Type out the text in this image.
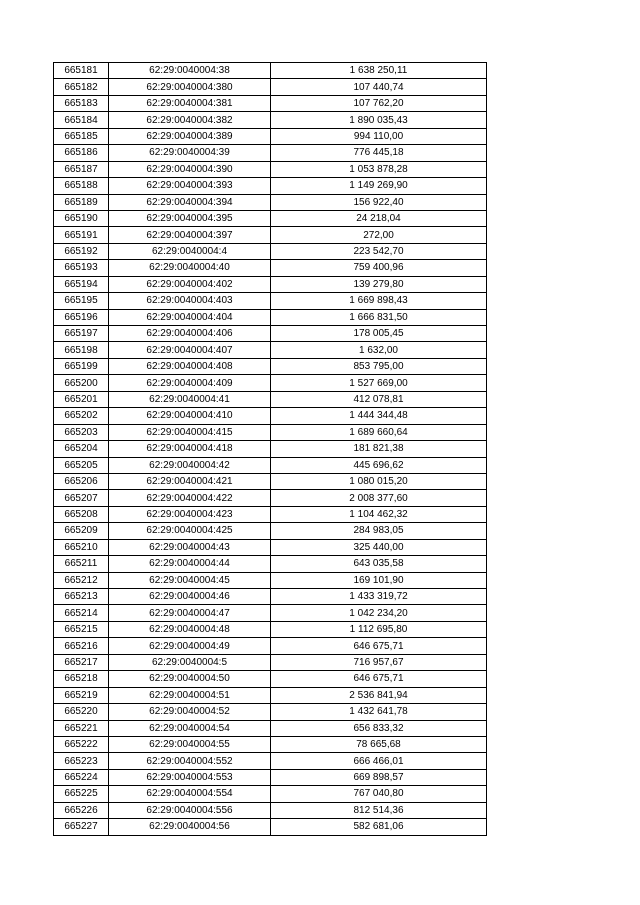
665181	62:29:0040004:38	1 638 250,11
665182	62:29:0040004:380	107 440,74
665183	62:29:0040004:381	107 762,20
665184	62:29:0040004:382	1 890 035,43
665185	62:29:0040004:389	994 110,00
665186	62:29:0040004:39	776 445,18
665187	62:29:0040004:390	1 053 878,28
665188	62:29:0040004:393	1 149 269,90
665189	62:29:0040004:394	156 922,40
665190	62:29:0040004:395	24 218,04
665191	62:29:0040004:397	272,00
665192	62:29:0040004:4	223 542,70
665193	62:29:0040004:40	759 400,96
665194	62:29:0040004:402	139 279,80
665195	62:29:0040004:403	1 669 898,43
665196	62:29:0040004:404	1 666 831,50
665197	62:29:0040004:406	178 005,45
665198	62:29:0040004:407	1 632,00
665199	62:29:0040004:408	853 795,00
665200	62:29:0040004:409	1 527 669,00
665201	62:29:0040004:41	412 078,81
665202	62:29:0040004:410	1 444 344,48
665203	62:29:0040004:415	1 689 660,64
665204	62:29:0040004:418	181 821,38
665205	62:29:0040004:42	445 696,62
665206	62:29:0040004:421	1 080 015,20
665207	62:29:0040004:422	2 008 377,60
665208	62:29:0040004:423	1 104 462,32
665209	62:29:0040004:425	284 983,05
665210	62:29:0040004:43	325 440,00
665211	62:29:0040004:44	643 035,58
665212	62:29:0040004:45	169 101,90
665213	62:29:0040004:46	1 433 319,72
665214	62:29:0040004:47	1 042 234,20
665215	62:29:0040004:48	1 112 695,80
665216	62:29:0040004:49	646 675,71
665217	62:29:0040004:5	716 957,67
665218	62:29:0040004:50	646 675,71
665219	62:29:0040004:51	2 536 841,94
665220	62:29:0040004:52	1 432 641,78
665221	62:29:0040004:54	656 833,32
665222	62:29:0040004:55	78 665,68
665223	62:29:0040004:552	666 466,01
665224	62:29:0040004:553	669 898,57
665225	62:29:0040004:554	767 040,80
665226	62:29:0040004:556	812 514,36
665227	62:29:0040004:56	582 681,06
